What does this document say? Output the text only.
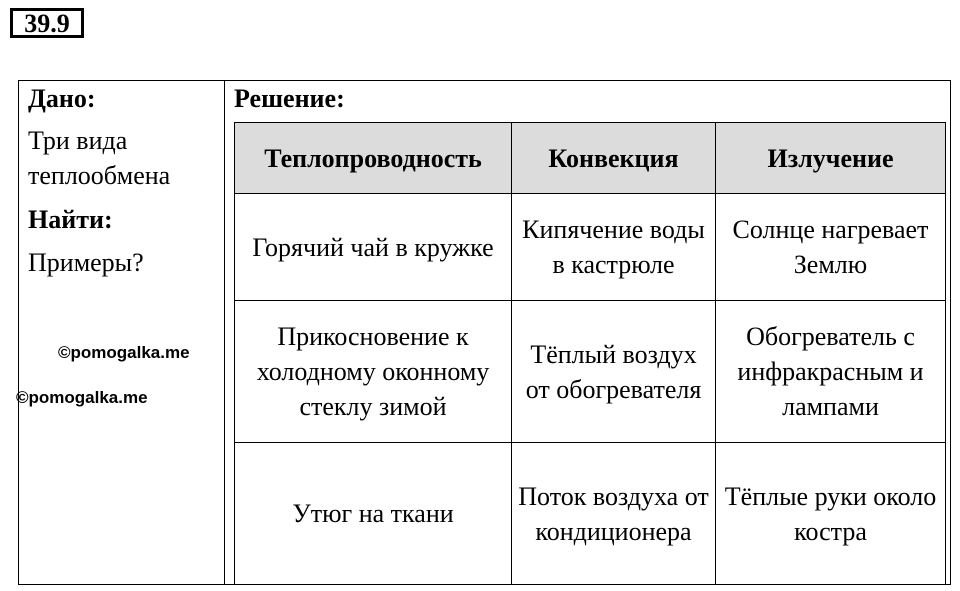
39.9
Дано:
Три вида
теплообмена
Найти:
Примеры?
©pomogalka.me
©pomogalka.me
Решение:
Теплопроводность	Конвекция	Излучение
Горячий чай в кружке	Кипячение воды в кастрюле	Солнце нагревает Землю
Прикосновение к холодному оконному стеклу зимой	Тёплый воздух от обогревателя	Обогреватель с инфракрасным и лампами
Утюг на ткани	Поток воздуха от кондиционера	Тёплые руки около костра
